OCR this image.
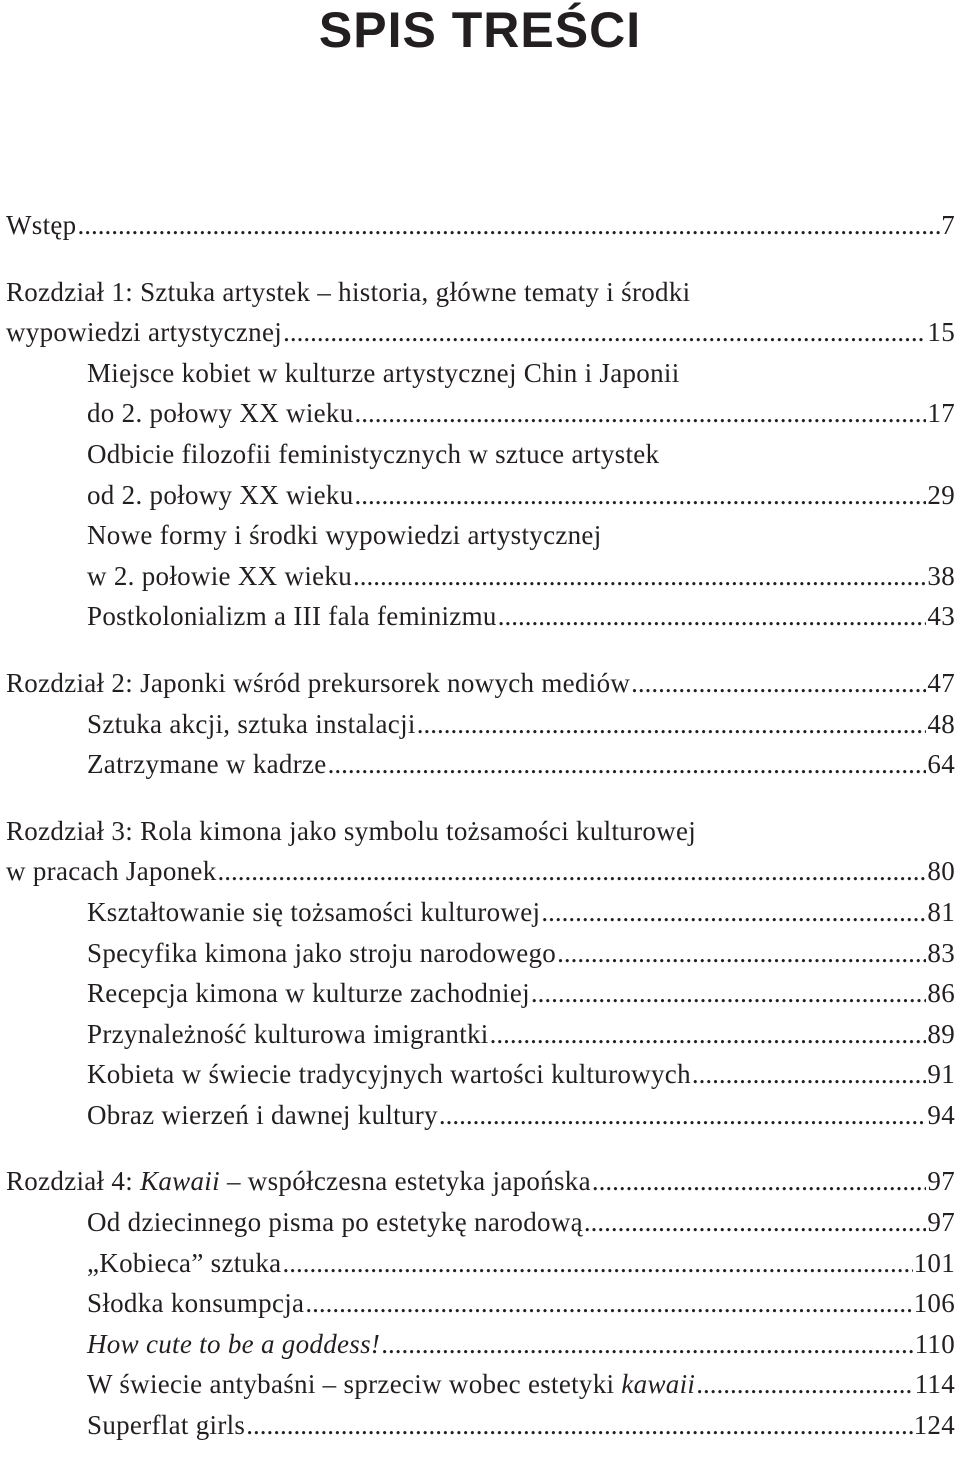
SPIS TREŚCI
Wstęp .....	7
Rozdział 1: Sztuka artystek – historia, główne tematy i środki
wypowiedzi artystycznej .....	15
Miejsce kobiet w kulturze artystycznej Chin i Japonii
do 2. połowy XX wieku .....	17
Odbicie filozofii feministycznych w sztuce artystek
od 2. połowy XX wieku .....	29
Nowe formy i środki wypowiedzi artystycznej
w 2. połowie XX wieku .....	38
Postkolonializm a III fala feminizmu .....	43
Rozdział 2: Japonki wśród prekursorek nowych mediów .....	47
Sztuka akcji, sztuka instalacji .....	48
Zatrzymane w kadrze .....	64
Rozdział 3: Rola kimona jako symbolu tożsamości kulturowej
w pracach Japonek .....	80
Kształtowanie się tożsamości kulturowej .....	81
Specyfika kimona jako stroju narodowego .....	83
Recepcja kimona w kulturze zachodniej .....	86
Przynależność kulturowa imigrantki .....	89
Kobieta w świecie tradycyjnych wartości kulturowych .....	91
Obraz wierzeń i dawnej kultury .....	94
Rozdział 4: Kawaii – współczesna estetyka japońska .....	97
Od dziecinnego pisma po estetykę narodową .....	97
„Kobieca” sztuka .....	101
Słodka konsumpcja .....	106
How cute to be a goddess! .....	110
W świecie antybaśni – sprzeciw wobec estetyki kawaii .....	114
Superflat girls .....	124
